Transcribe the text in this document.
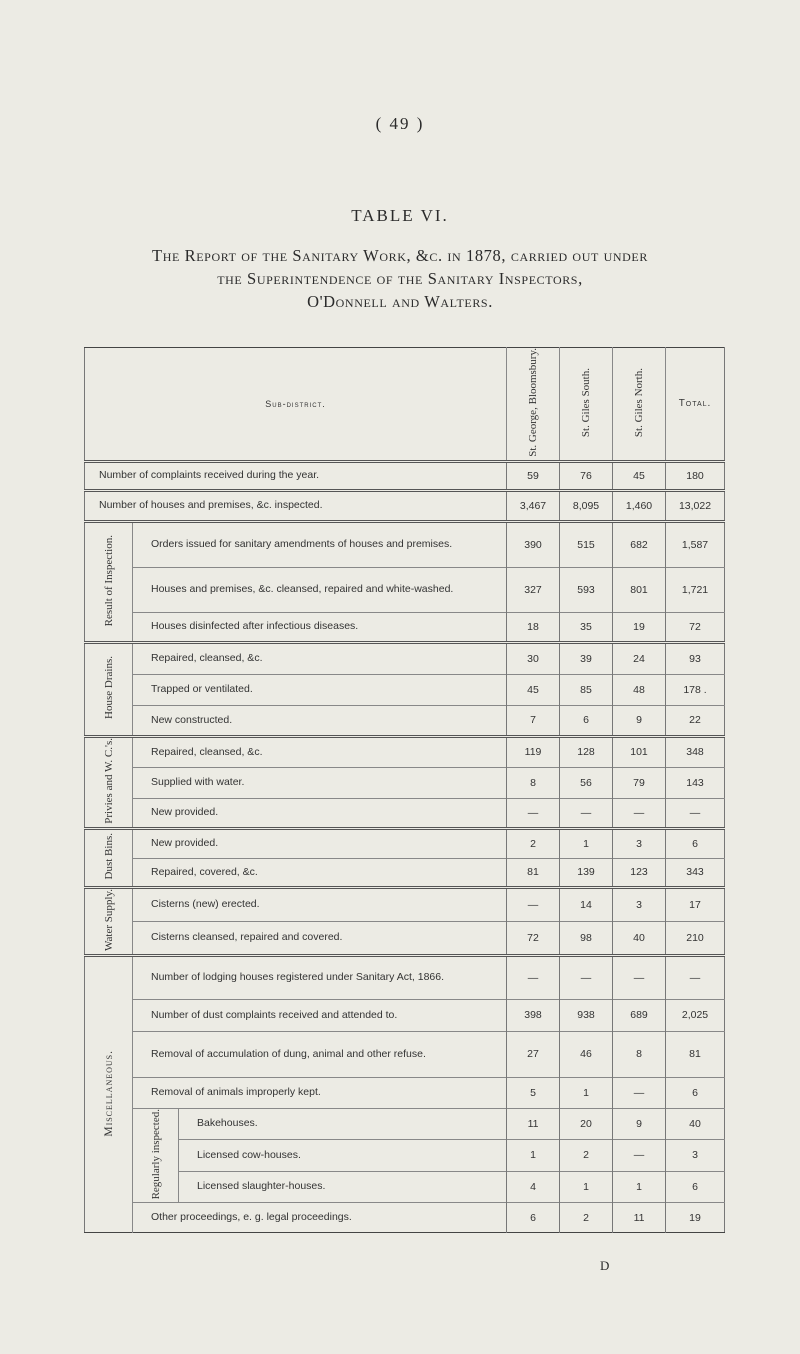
( 49 )
TABLE VI.
The Report of the Sanitary Work, &c. in 1878, carried out under
the Superintendence of the Sanitary Inspectors,
O'Donnell and Walters.
Sub-district.			St. George, Bloomsbury.	St. Giles South.	St. Giles North.	Total.
Number of complaints received during the year.			59	76	45	180
Number of houses and premises, &c. inspected.			3,467	8,095	1,460	13,022
Result of Inspection.	Orders issued for sanitary amendments of houses and premises.		390	515	682	1,587

	Houses and premises, &c. cleansed, repaired and white-washed.		327	593	801	1,721

	Houses disinfected after infectious diseases.		18	35	19	72
House Drains.	Repaired, cleansed, &c.		30	39	24	93

	Trapped or ventilated.		45	85	48	178 .

	New constructed.		7	6	9	22
Privies and W. C.'s.	Repaired, cleansed, &c.		119	128	101	348

	Supplied with water.		8	56	79	143

	New provided.		—	—	—	—
Dust Bins.	New provided.		2	1	3	6

	Repaired, covered, &c.		81	139	123	343
Water Supply.	Cisterns (new) erected.		—	14	3	17

	Cisterns cleansed, repaired and covered.		72	98	40	210
Miscellaneous.	Number of lodging houses registered under Sanitary Act, 1866.		—	—	—	—

	Number of dust complaints received and attended to.		398	938	689	2,025

	Removal of accumulation of dung, animal and other refuse.		27	46	8	81

	Removal of animals improperly kept.		5	1	—	6
	Regularly inspected.	Bakehouses.	11	20	9	40

		Licensed cow-houses.	1	2	—	3

		Licensed slaughter-houses.	4	1	1	6

	Other proceedings, e. g. legal proceedings.		6	2	11	19
D
